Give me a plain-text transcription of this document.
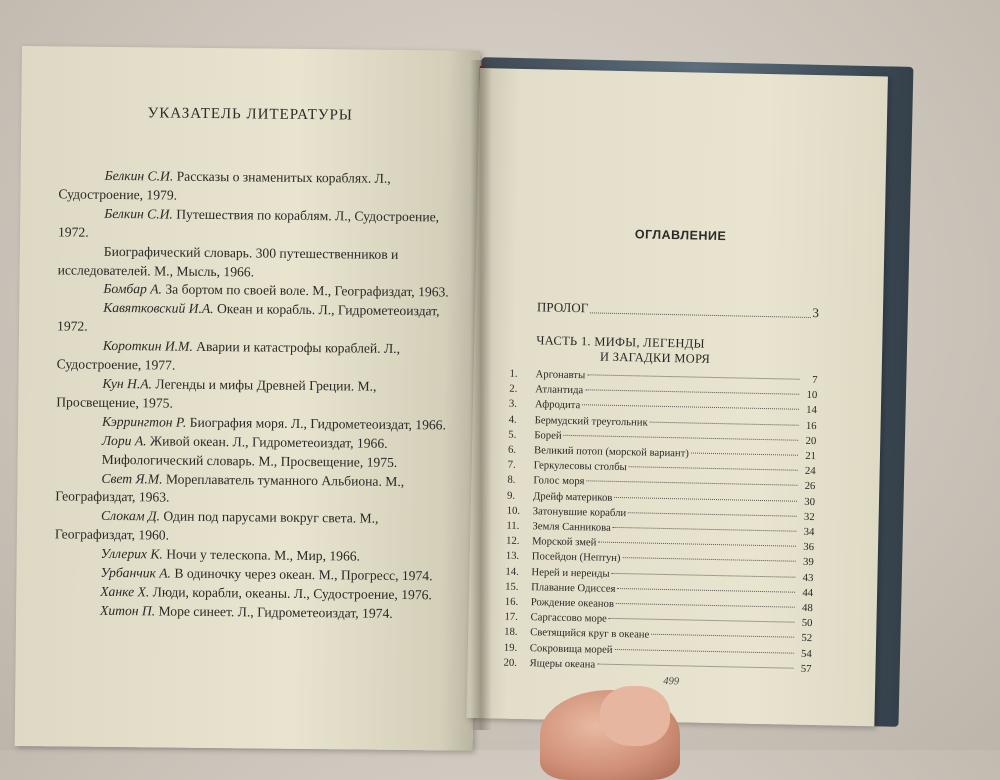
УКАЗАТЕЛЬ ЛИТЕРАТУРЫ

Белкин С.И. Рассказы о знаменитых кораблях. Л., Судостроение, 1979.

Белкин С.И. Путешествия по кораблям. Л., Судостроение, 1972.

Биографический словарь. 300 путешественников и исследователей. М., Мысль, 1966.

Бомбар А. За бортом по своей воле. М., Географиздат, 1963.

Кавятковский И.А. Океан и корабль. Л., Гидрометеоиздат, 1972.

Короткин И.М. Аварии и катастрофы кораблей. Л., Судостроение, 1977.

Кун Н.А. Легенды и мифы Древней Греции. М., Просвещение, 1975.

Кэррингтон Р. Биография моря. Л., Гидрометеоиздат, 1966.

Лори А. Живой океан. Л., Гидрометеоиздат, 1966.

Мифологический словарь. М., Просвещение, 1975.

Свет Я.М. Мореплаватель туманного Альбиона. М., Географиздат, 1963.

Слокам Д. Один под парусами вокруг света. М., Географиздат, 1960.

Уллерих К. Ночи у телескопа. М., Мир, 1966.

Урбанчик А. В одиночку через океан. М., Прогресс, 1974.

Ханке Х. Люди, корабли, океаны. Л., Судостроение, 1976.

Хитон П. Море синеет. Л., Гидрометеоиздат, 1974.

ОГЛАВЛЕНИЕ
ПРОЛОГ	3
ЧАСТЬ 1. МИФЫ, ЛЕГЕНДЫ
И ЗАГАДКИ МОРЯ
1.	Аргонавты	7
2.	Атлантида	10
3.	Афродита	14
4.	Бермудский треугольник	16
5.	Борей	20
6.	Великий потоп (морской вариант)	21
7.	Геркулесовы столбы	24
8.	Голос моря	26
9.	Дрейф материков	30
10.	Затонувшие корабли	32
11.	Земля Санникова	34
12.	Морской змей	36
13.	Посейдон (Нептун)	39
14.	Нерей и нереиды	43
15.	Плавание Одиссея	44
16.	Рождение океанов	48
17.	Саргассово море	50
18.	Светящийся круг в океане	52
19.	Сокровища морей	54
20.	Ящеры океана	57
499
